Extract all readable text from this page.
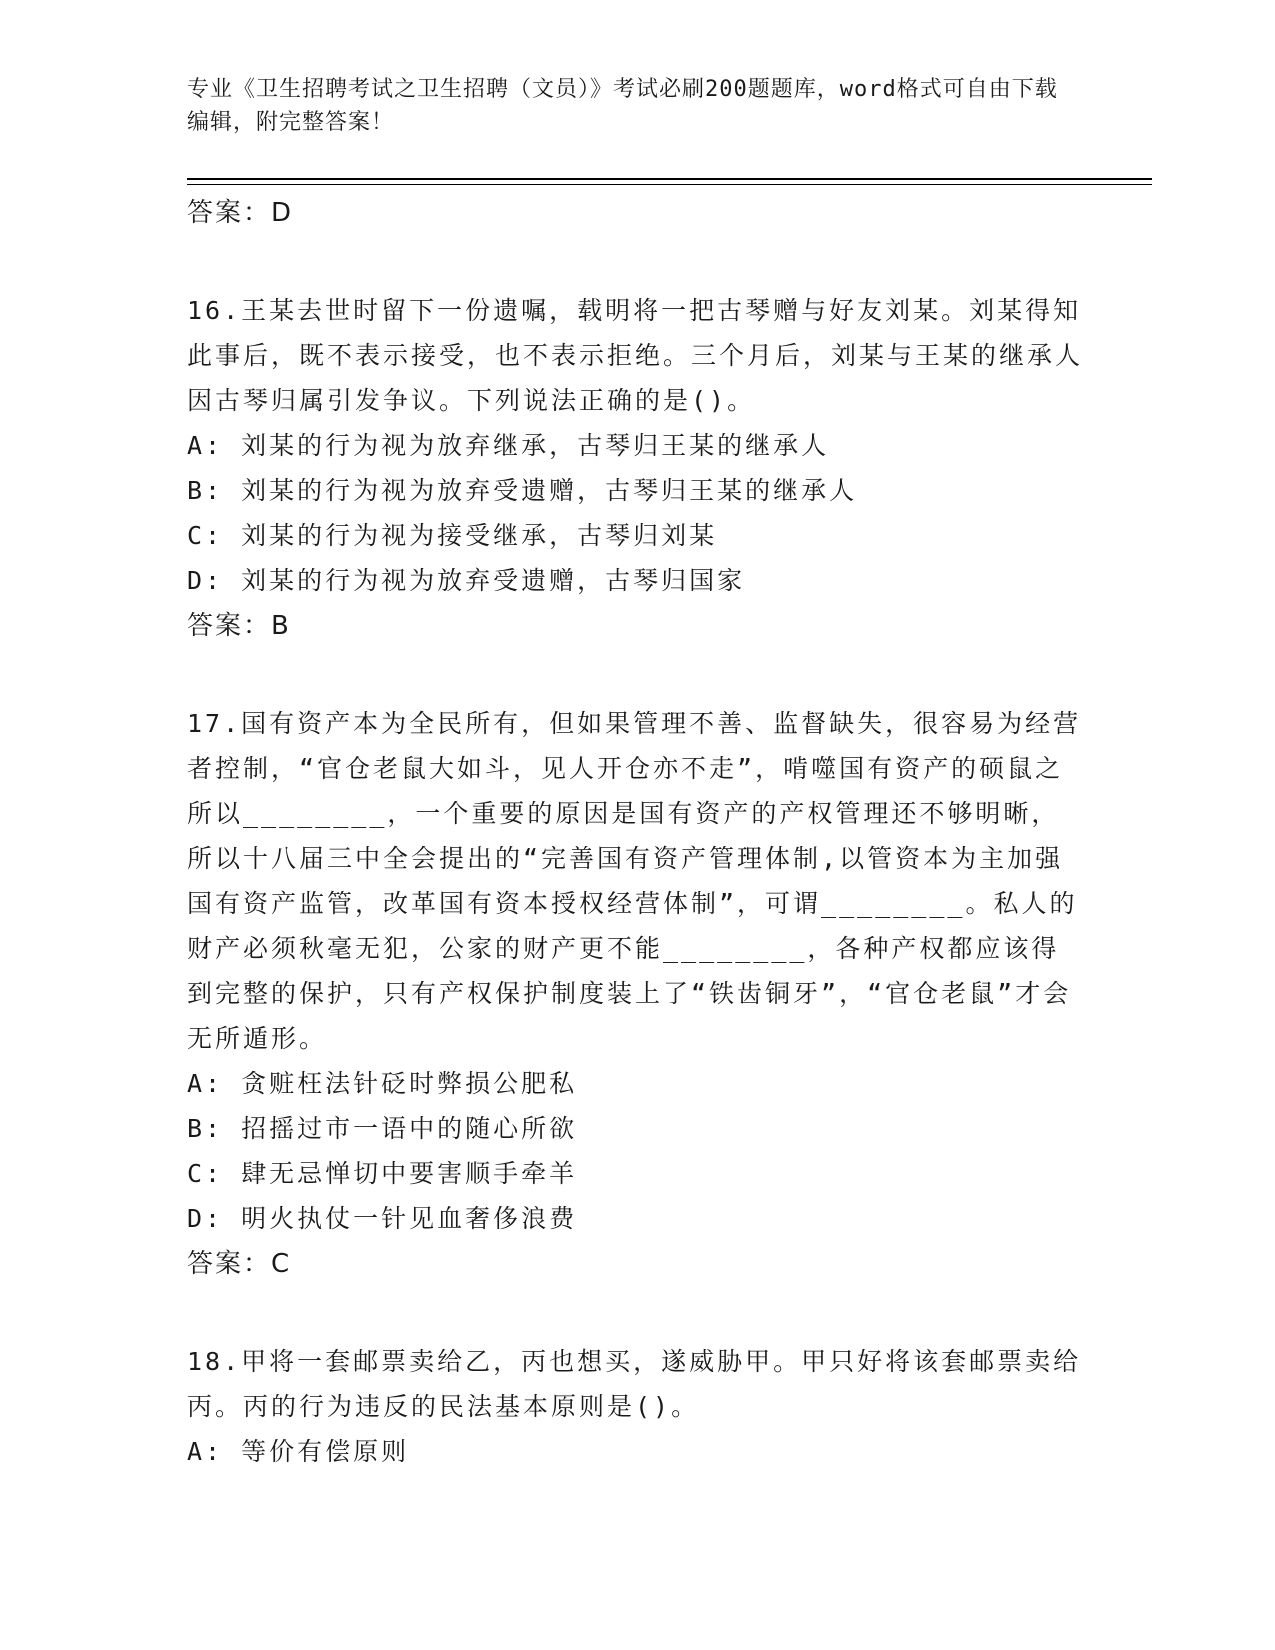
专业《卫生招聘考试之卫生招聘（文员）》考试必刷200题题库，word格式可自由下载编辑，附完整答案！
答案：D
16.王某去世时留下一份遗嘱，载明将一把古琴赠与好友刘某。刘某得知此事后，既不表示接受，也不表示拒绝。三个月后，刘某与王某的继承人因古琴归属引发争议。下列说法正确的是()。
A: 刘某的行为视为放弃继承，古琴归王某的继承人
B: 刘某的行为视为放弃受遗赠，古琴归王某的继承人
C: 刘某的行为视为接受继承，古琴归刘某
D: 刘某的行为视为放弃受遗赠，古琴归国家
答案：B
17.国有资产本为全民所有，但如果管理不善、监督缺失，很容易为经营者控制，“官仓老鼠大如斗，见人开仓亦不走”，啃噬国有资产的硕鼠之所以________，一个重要的原因是国有资产的产权管理还不够明晰，所以十八届三中全会提出的“完善国有资产管理体制,以管资本为主加强国有资产监管，改革国有资本授权经营体制”，可谓________。私人的财产必须秋毫无犯，公家的财产更不能________，各种产权都应该得到完整的保护，只有产权保护制度装上了“铁齿铜牙”，“官仓老鼠”才会无所遁形。
A: 贪赃枉法针砭时弊损公肥私
B: 招摇过市一语中的随心所欲
C: 肆无忌惮切中要害顺手牵羊
D: 明火执仗一针见血奢侈浪费
答案：C
18.甲将一套邮票卖给乙，丙也想买，遂威胁甲。甲只好将该套邮票卖给丙。丙的行为违反的民法基本原则是()。
A: 等价有偿原则
